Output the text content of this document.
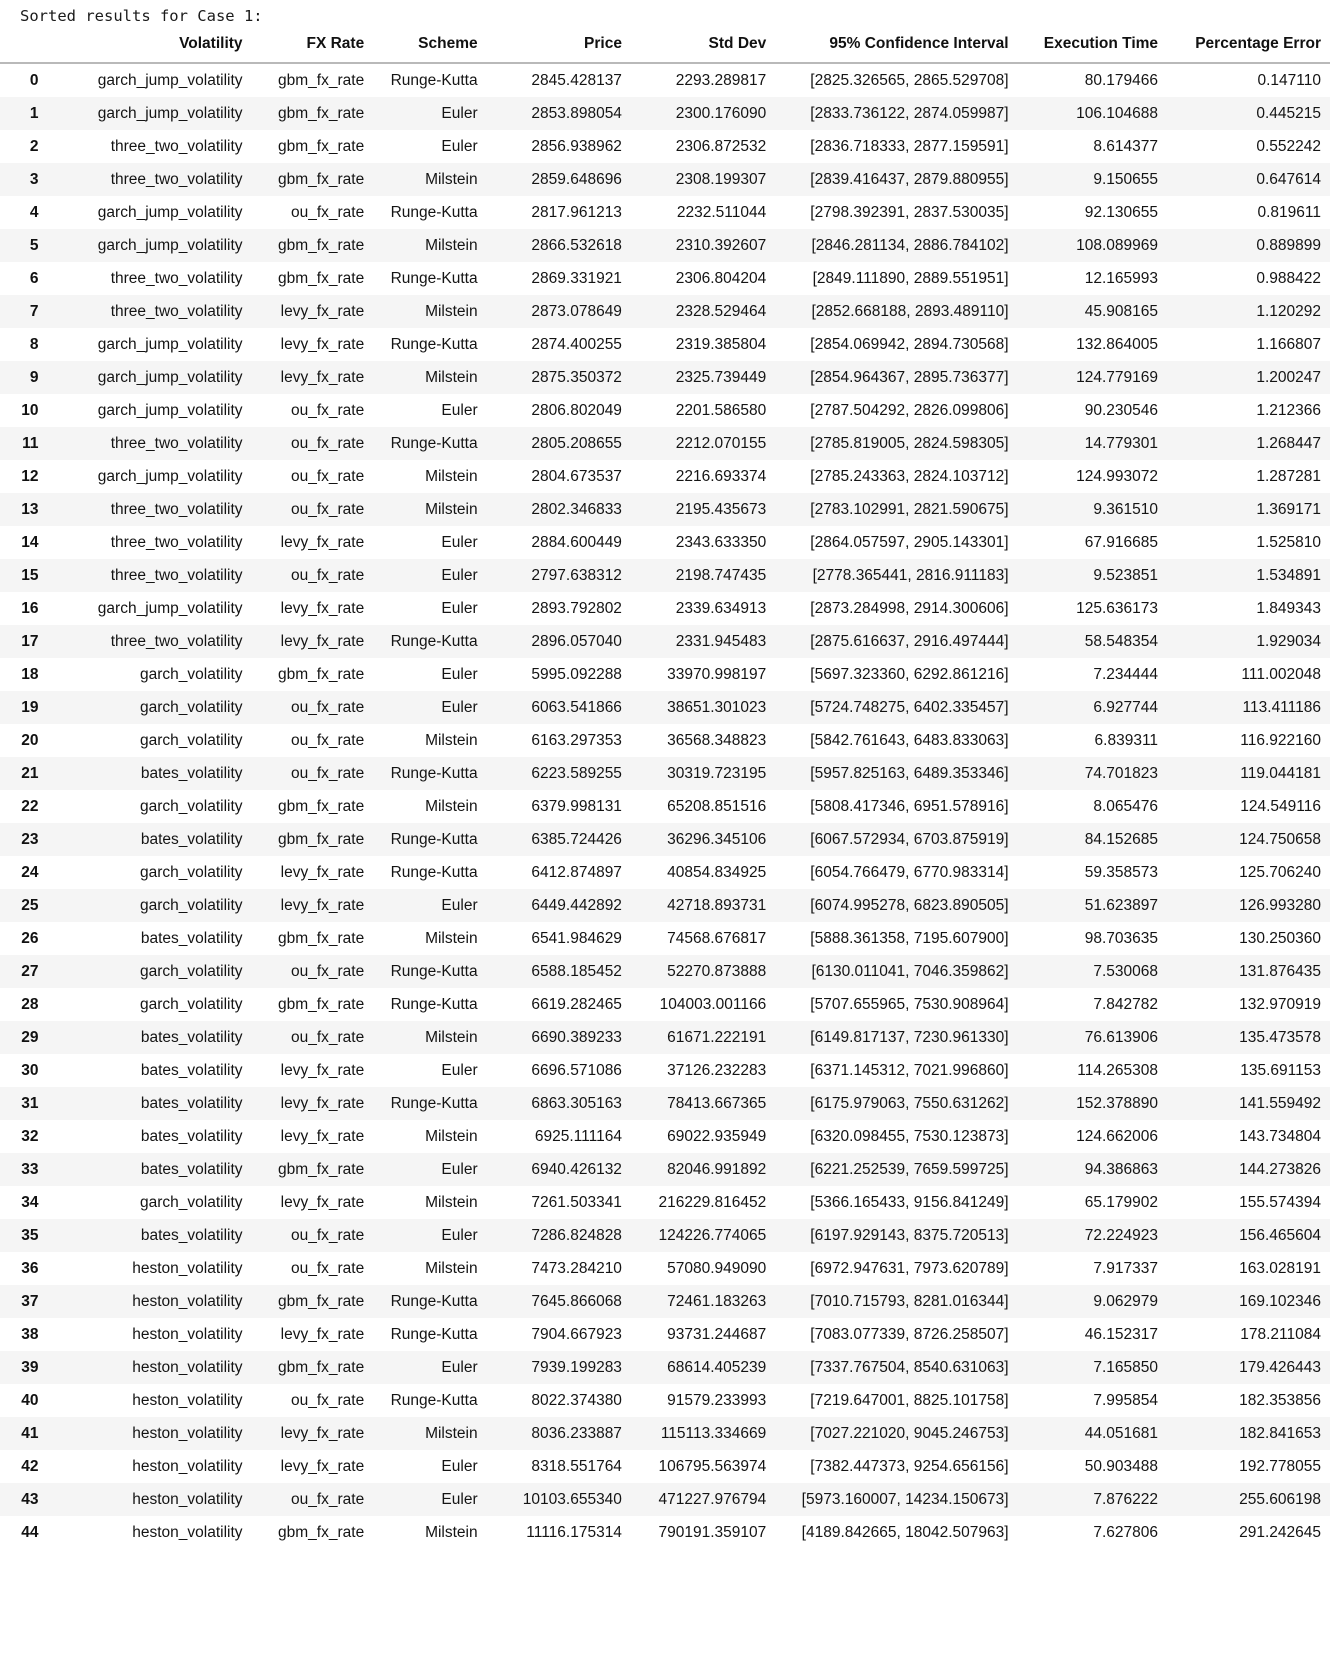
Sorted results for Case 1:
	Volatility	FX Rate	Scheme	Price	Std Dev	95% Confidence Interval	Execution Time	Percentage Error
0	garch_jump_volatility	gbm_fx_rate	Runge-Kutta	2845.428137	2293.289817	[2825.326565, 2865.529708]	80.179466	0.147110
1	garch_jump_volatility	gbm_fx_rate	Euler	2853.898054	2300.176090	[2833.736122, 2874.059987]	106.104688	0.445215
2	three_two_volatility	gbm_fx_rate	Euler	2856.938962	2306.872532	[2836.718333, 2877.159591]	8.614377	0.552242
3	three_two_volatility	gbm_fx_rate	Milstein	2859.648696	2308.199307	[2839.416437, 2879.880955]	9.150655	0.647614
4	garch_jump_volatility	ou_fx_rate	Runge-Kutta	2817.961213	2232.511044	[2798.392391, 2837.530035]	92.130655	0.819611
5	garch_jump_volatility	gbm_fx_rate	Milstein	2866.532618	2310.392607	[2846.281134, 2886.784102]	108.089969	0.889899
6	three_two_volatility	gbm_fx_rate	Runge-Kutta	2869.331921	2306.804204	[2849.111890, 2889.551951]	12.165993	0.988422
7	three_two_volatility	levy_fx_rate	Milstein	2873.078649	2328.529464	[2852.668188, 2893.489110]	45.908165	1.120292
8	garch_jump_volatility	levy_fx_rate	Runge-Kutta	2874.400255	2319.385804	[2854.069942, 2894.730568]	132.864005	1.166807
9	garch_jump_volatility	levy_fx_rate	Milstein	2875.350372	2325.739449	[2854.964367, 2895.736377]	124.779169	1.200247
10	garch_jump_volatility	ou_fx_rate	Euler	2806.802049	2201.586580	[2787.504292, 2826.099806]	90.230546	1.212366
11	three_two_volatility	ou_fx_rate	Runge-Kutta	2805.208655	2212.070155	[2785.819005, 2824.598305]	14.779301	1.268447
12	garch_jump_volatility	ou_fx_rate	Milstein	2804.673537	2216.693374	[2785.243363, 2824.103712]	124.993072	1.287281
13	three_two_volatility	ou_fx_rate	Milstein	2802.346833	2195.435673	[2783.102991, 2821.590675]	9.361510	1.369171
14	three_two_volatility	levy_fx_rate	Euler	2884.600449	2343.633350	[2864.057597, 2905.143301]	67.916685	1.525810
15	three_two_volatility	ou_fx_rate	Euler	2797.638312	2198.747435	[2778.365441, 2816.911183]	9.523851	1.534891
16	garch_jump_volatility	levy_fx_rate	Euler	2893.792802	2339.634913	[2873.284998, 2914.300606]	125.636173	1.849343
17	three_two_volatility	levy_fx_rate	Runge-Kutta	2896.057040	2331.945483	[2875.616637, 2916.497444]	58.548354	1.929034
18	garch_volatility	gbm_fx_rate	Euler	5995.092288	33970.998197	[5697.323360, 6292.861216]	7.234444	111.002048
19	garch_volatility	ou_fx_rate	Euler	6063.541866	38651.301023	[5724.748275, 6402.335457]	6.927744	113.411186
20	garch_volatility	ou_fx_rate	Milstein	6163.297353	36568.348823	[5842.761643, 6483.833063]	6.839311	116.922160
21	bates_volatility	ou_fx_rate	Runge-Kutta	6223.589255	30319.723195	[5957.825163, 6489.353346]	74.701823	119.044181
22	garch_volatility	gbm_fx_rate	Milstein	6379.998131	65208.851516	[5808.417346, 6951.578916]	8.065476	124.549116
23	bates_volatility	gbm_fx_rate	Runge-Kutta	6385.724426	36296.345106	[6067.572934, 6703.875919]	84.152685	124.750658
24	garch_volatility	levy_fx_rate	Runge-Kutta	6412.874897	40854.834925	[6054.766479, 6770.983314]	59.358573	125.706240
25	garch_volatility	levy_fx_rate	Euler	6449.442892	42718.893731	[6074.995278, 6823.890505]	51.623897	126.993280
26	bates_volatility	gbm_fx_rate	Milstein	6541.984629	74568.676817	[5888.361358, 7195.607900]	98.703635	130.250360
27	garch_volatility	ou_fx_rate	Runge-Kutta	6588.185452	52270.873888	[6130.011041, 7046.359862]	7.530068	131.876435
28	garch_volatility	gbm_fx_rate	Runge-Kutta	6619.282465	104003.001166	[5707.655965, 7530.908964]	7.842782	132.970919
29	bates_volatility	ou_fx_rate	Milstein	6690.389233	61671.222191	[6149.817137, 7230.961330]	76.613906	135.473578
30	bates_volatility	levy_fx_rate	Euler	6696.571086	37126.232283	[6371.145312, 7021.996860]	114.265308	135.691153
31	bates_volatility	levy_fx_rate	Runge-Kutta	6863.305163	78413.667365	[6175.979063, 7550.631262]	152.378890	141.559492
32	bates_volatility	levy_fx_rate	Milstein	6925.111164	69022.935949	[6320.098455, 7530.123873]	124.662006	143.734804
33	bates_volatility	gbm_fx_rate	Euler	6940.426132	82046.991892	[6221.252539, 7659.599725]	94.386863	144.273826
34	garch_volatility	levy_fx_rate	Milstein	7261.503341	216229.816452	[5366.165433, 9156.841249]	65.179902	155.574394
35	bates_volatility	ou_fx_rate	Euler	7286.824828	124226.774065	[6197.929143, 8375.720513]	72.224923	156.465604
36	heston_volatility	ou_fx_rate	Milstein	7473.284210	57080.949090	[6972.947631, 7973.620789]	7.917337	163.028191
37	heston_volatility	gbm_fx_rate	Runge-Kutta	7645.866068	72461.183263	[7010.715793, 8281.016344]	9.062979	169.102346
38	heston_volatility	levy_fx_rate	Runge-Kutta	7904.667923	93731.244687	[7083.077339, 8726.258507]	46.152317	178.211084
39	heston_volatility	gbm_fx_rate	Euler	7939.199283	68614.405239	[7337.767504, 8540.631063]	7.165850	179.426443
40	heston_volatility	ou_fx_rate	Runge-Kutta	8022.374380	91579.233993	[7219.647001, 8825.101758]	7.995854	182.353856
41	heston_volatility	levy_fx_rate	Milstein	8036.233887	115113.334669	[7027.221020, 9045.246753]	44.051681	182.841653
42	heston_volatility	levy_fx_rate	Euler	8318.551764	106795.563974	[7382.447373, 9254.656156]	50.903488	192.778055
43	heston_volatility	ou_fx_rate	Euler	10103.655340	471227.976794	[5973.160007, 14234.150673]	7.876222	255.606198
44	heston_volatility	gbm_fx_rate	Milstein	11116.175314	790191.359107	[4189.842665, 18042.507963]	7.627806	291.242645
